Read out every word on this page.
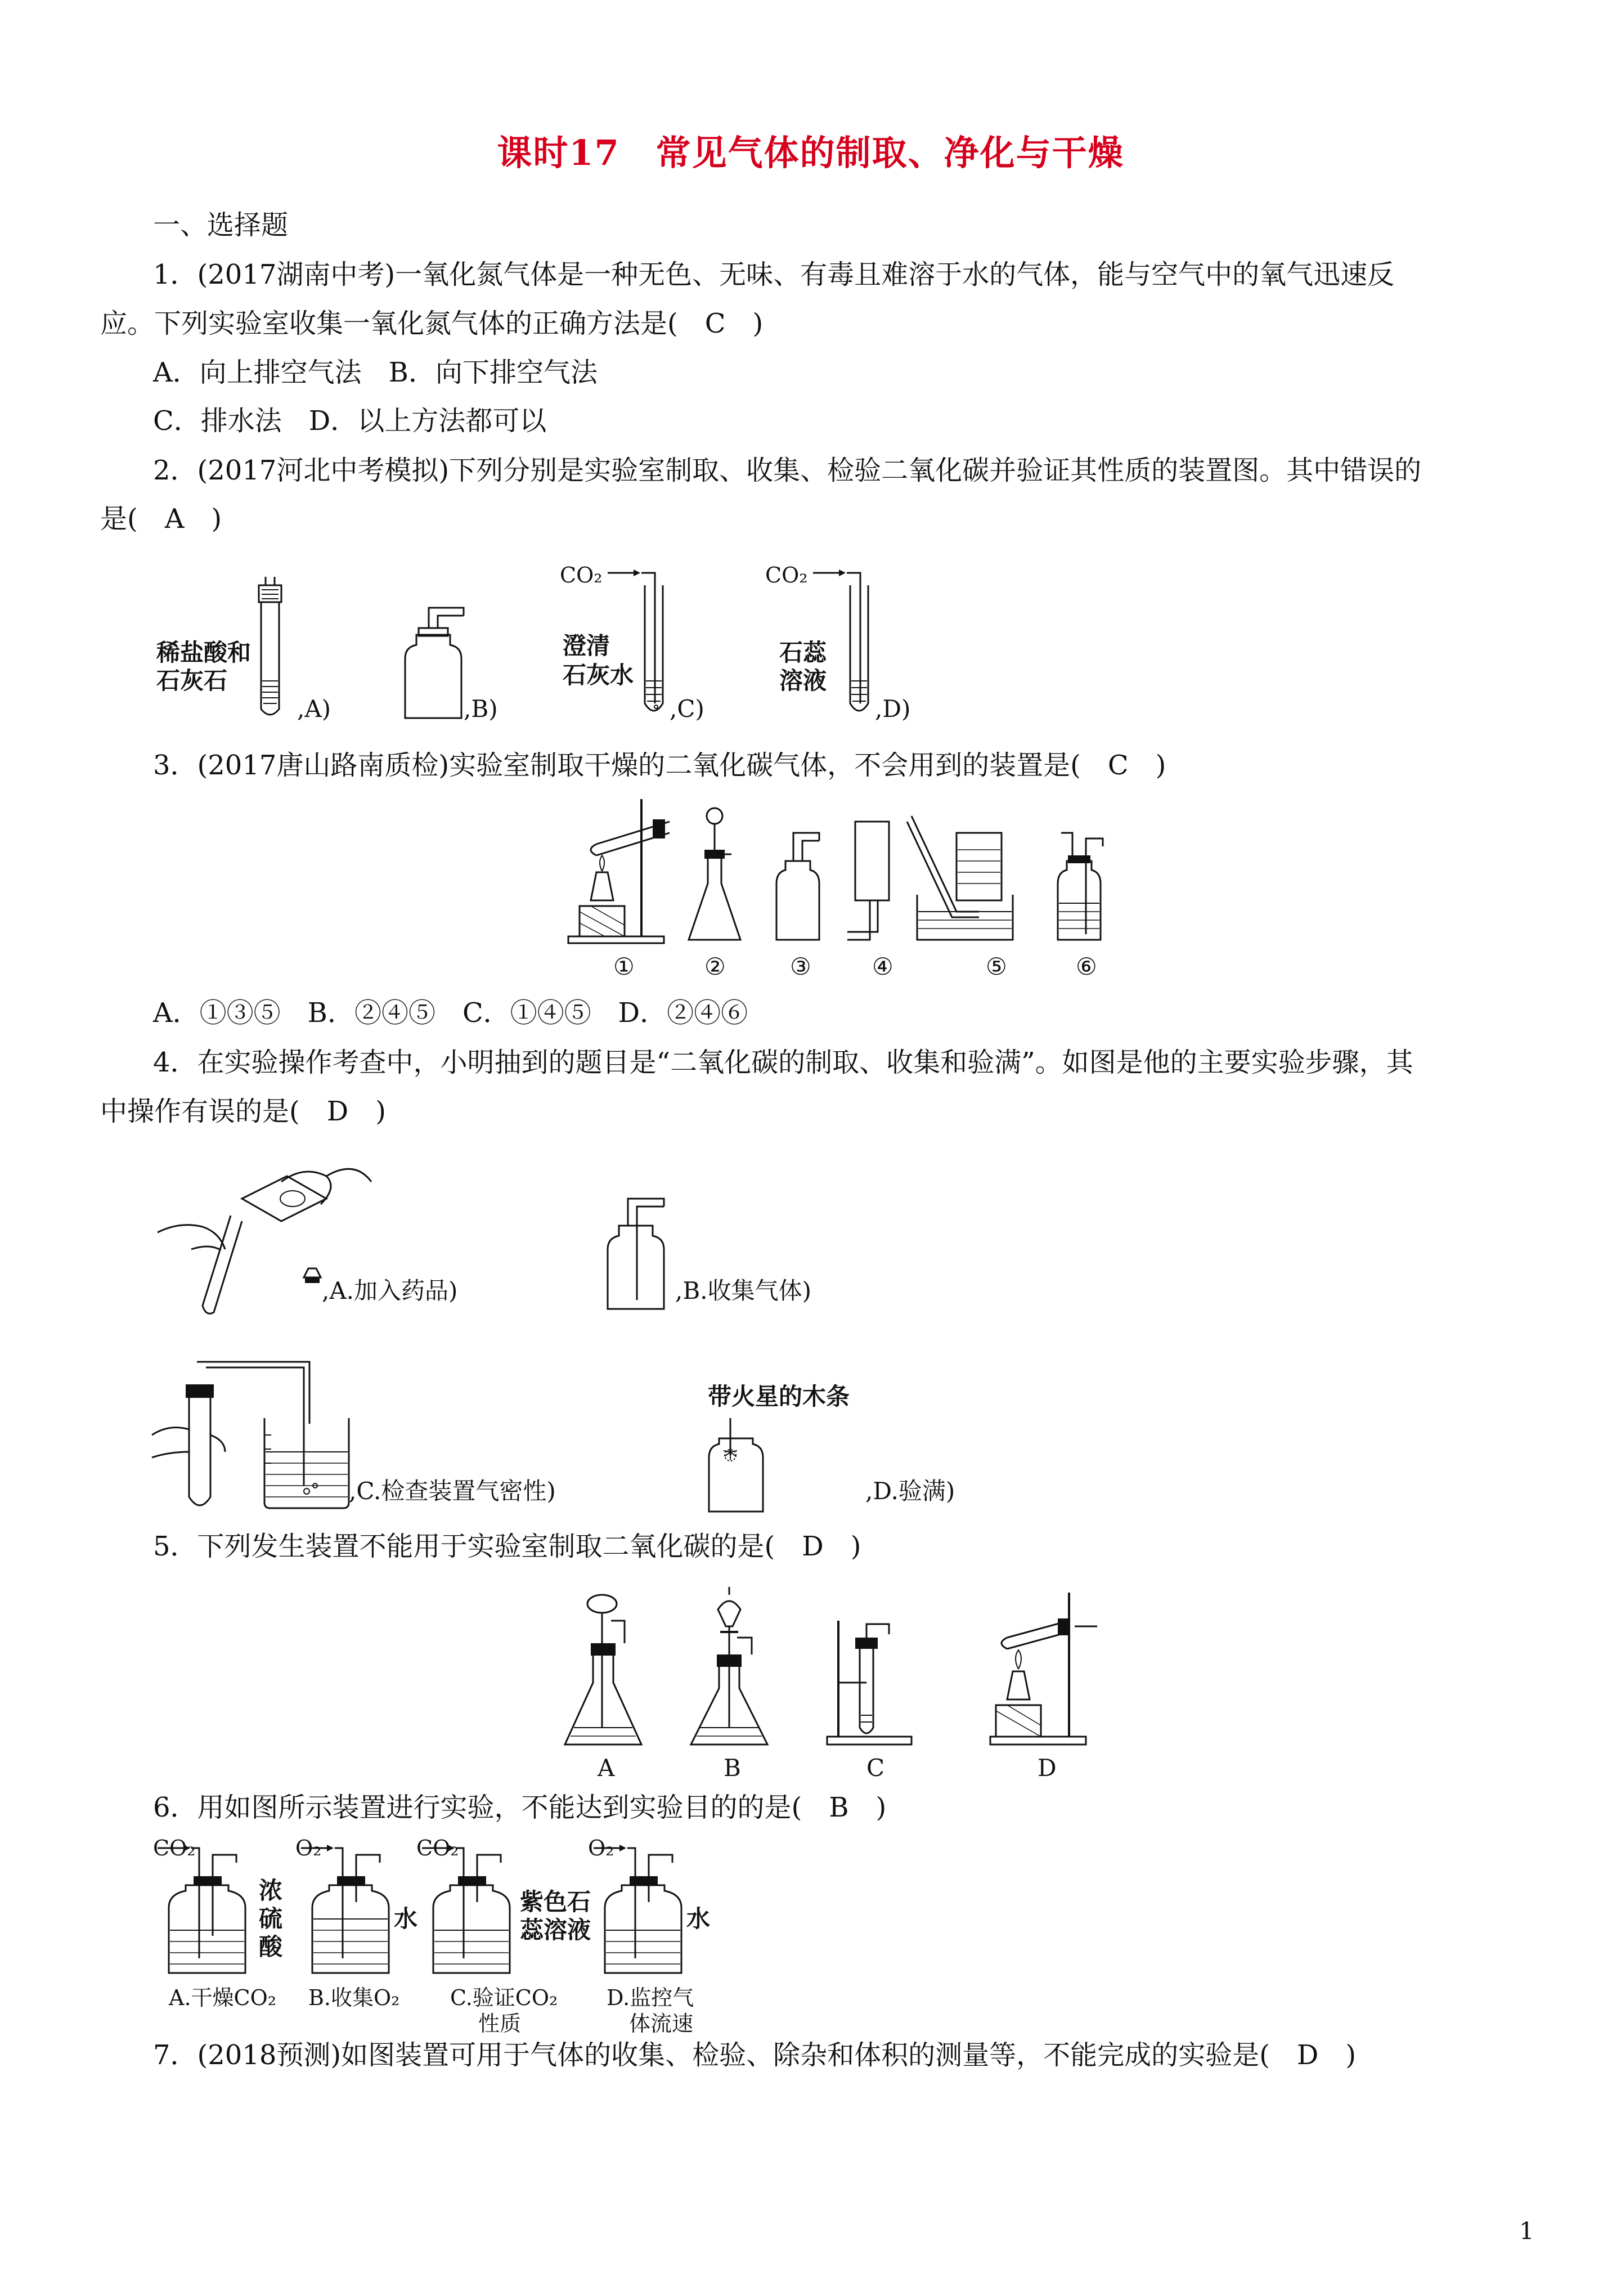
课时17　常见气体的制取、净化与干燥
一、选择题
1．(2017湖南中考)一氧化氮气体是一种无色、无味、有毒且难溶于水的气体，能与空气中的氧气迅速反
应。下列实验室收集一氧化氮气体的正确方法是(　C　)
A．向上排空气法　B．向下排空气法
C．排水法　D．以上方法都可以
2．(2017河北中考模拟)下列分别是实验室制取、收集、检验二氧化碳并验证其性质的装置图。其中错误的
是(　A　)
稀盐酸和
石灰石
,A)	,B)
CO₂
澄清
石灰水
,C)
CO₂
石蕊
溶液
,D)
3．(2017唐山路南质检)实验室制取干燥的二氧化碳气体，不会用到的装置是(　C　)
①	②	③	④	⑤	⑥
A．①③⑤　B．②④⑤　C．①④⑤　D．②④⑥
4．在实验操作考查中，小明抽到的题目是“二氧化碳的制取、收集和验满”。如图是他的主要实验步骤，其
中操作有误的是(　D　)
,A.加入药品)	,B.收集气体)
,C.检查装置气密性)
带火星的木条
,D.验满)
5．下列发生装置不能用于实验室制取二氧化碳的是(　D　)
A	B	C	D
6．用如图所示装置进行实验，不能达到实验目的的是(　B　)
CO₂
浓
硫
酸
A.干燥CO₂
O₂
水
B.收集O₂
CO₂
紫色石
蕊溶液
C.验证CO₂
性质
O₂
水
D.监控气
体流速
7．(2018预测)如图装置可用于气体的收集、检验、除杂和体积的测量等，不能完成的实验是(　D　)
1
